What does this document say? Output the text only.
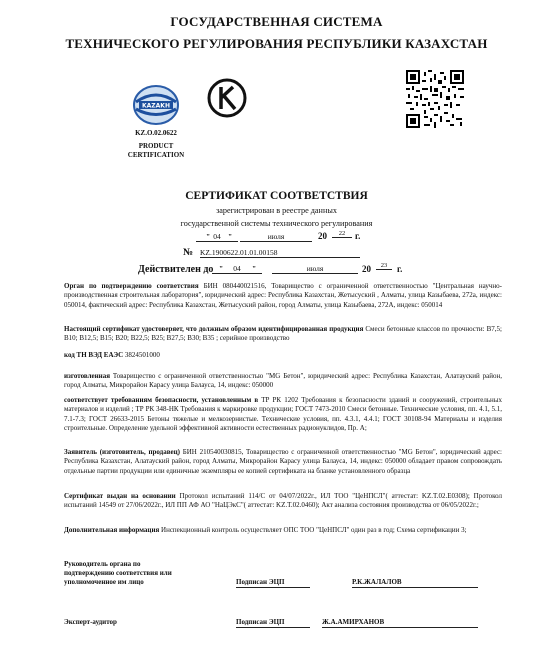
ГОСУДАРСТВЕННАЯ СИСТЕМА
ТЕХНИЧЕСКОГО РЕГУЛИРОВАНИЯ РЕСПУБЛИКИ КАЗАХСТАН
KAZAKH
KZ.O.02.0622
PRODUCT
CERTIFICATION
СЕРТИФИКАТ СООТВЕТСТВИЯ
зарегистрирован в реестре данных
государственной системы технического регулирования
" 04 "	июля	20	22	г.
№ KZ.1900622.01.01.00158
Действителен до "	04	"	июля	20	23	г.
Орган по подтверждению соответствия БИН 080440021516, Товарищество с ограниченной ответственностью "Центральная научно-производственная строительная лаборатория", юридический адрес: Республика Казахстан, Жетысуский , Алматы, улица Казыбаева, 272а, индекс: 050014, фактический адрес: Республика Казахстан, Жетысуский район, город Алматы, улица Казыбаева, 272А, индекс: 050014
Настоящий сертификат удостоверяет, что должным образом идентифицированная продукция Смеси бетонные классов по прочности: B7,5; B10; B12,5; B15; B20; B22,5; B25; B27,5; B30; B35 ; серийное производство
код ТН ВЭД ЕАЭС 3824501000
изготовленная Товарищество с ограниченной ответственностью "MG Бетон", юридический адрес: Республика Казахстан, Алатауский район, город Алматы, Микрорайон Карасу улица Балауса, 14, индекс: 050000
соответствует требованиям безопасности, установленным в ТР РК 1202 Требования к безопасности зданий и сооружений, строительных материалов и изделий ; ТР РК 348-НК Требования к маркировке продукции; ГОСТ 7473-2010 Смеси бетонные. Технические условия, пп. 4.1, 5.1, 7.1-7.3; ГОСТ 26633-2015 Бетоны тяжелые и мелкозернистые. Технические условия, пп. 4.3.1, 4.4.1; ГОСТ 30108-94 Материалы и изделия строительные. Определение удельной эффективной активности естественных радионуклидов, Пр. А;
Заявитель (изготовитель, продавец) БИН 210540030815, Товарищество с ограниченной ответственностью "MG Бетон", юридический адрес: Республика Казахстан, Алатауский район, город Алматы, Микрорайон Карасу улица Балауса, 14, индекс: 050000 обладает правом сопровождать отдельные партии продукции или единичные экземпляры ее копией сертификата на бланке установленного образца
Сертификат выдан на основании Протокол испытаний 114/С от 04/07/2022г., ИЛ ТОО "ЦеНПСЛ"( аттестат: KZ.T.02.E0308); Протокол испытаний 14549 от 27/06/2022г., ИЛ ПП АФ АО "НаЦЭкС"( аттестат: KZ.T.02.0460); Акт анализа состояния производства от 06/05/2022г.;
Дополнительная информация Инспекционный контроль осуществляет ОПС ТОО "ЦеНПСЛ" один раз в год; Схема сертификации 3;
Руководитель органа по
подтверждению соответствия или
уполномоченное им лицо	Подписан ЭЦП	Р.К.ЖАЛАЛОВ
Эксперт-аудитор	Подписан ЭЦП	Ж.А.АМИРХАНОВ
